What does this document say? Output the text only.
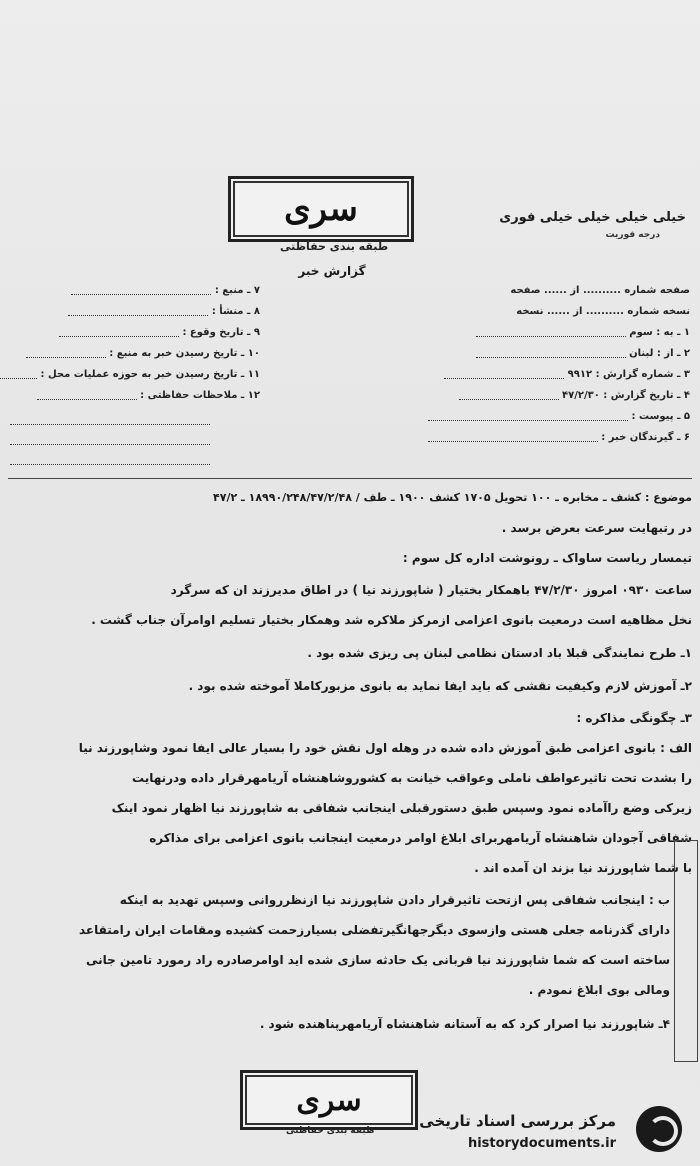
سری
طبقه بندی حفاظتی
خیلی خیلی خیلی خیلی فوری
درجه فوریت
گزارش خبر
۷ ـ منبع :
۸ ـ منشأ :
۹ ـ تاریخ وقوع :
۱۰ ـ تاریخ رسیدن خبر به منبع :
۱۱ ـ تاریخ رسیدن خبر به حوزه عملیات محل :
۱۲ ـ ملاحظات حفاظتی :
صفحه شماره .......... از ...... صفحه
نسخه شماره .......... از ...... نسخه
۱ ـ به : سوم
۲ ـ از : لبنان
۳ ـ شماره گزارش : ۹۹۱۲
۴ ـ تاریخ گزارش : ۴۷/۲/۳۰
۵ ـ پیوست :
۶ ـ گیرندگان خبر :
موضوع : کشف ـ مخابره ـ ۱۰۰ تحویل ۱۷۰۵ کشف ۱۹۰۰ ـ طف / ۱۸۹۹۰/۲۴۸/۴۷/۲/۴۸ ـ ۴۷/۲
در رتبهایت سرعت بعرض برسد .
تیمسار ریاست ساواک ـ رونوشت اداره کل سوم :
ساعت ۰۹۳۰ امروز ۴۷/۲/۳۰ باهمکار بختیار ( شاپورزند نیا ) در اطاق مدیرزند ان که سرگرد
نخل مظاهیه است درمعیت بانوی اعزامی ازمرکز ملاکره شد وهمکار بختیار تسلیم اوامرآن جناب گشت .
۱ـ طرح نمایندگی قبلا باد ادستان نظامی لبنان پی ریزی شده بود .
۲ـ آموزش لازم وکیفیت نقشی که باید ایفا نماید به بانوی مزبورکاملا آموخته شده بود .
۳ـ چگونگی مذاکره :
الف : بانوی اعزامی طبق آموزش داده شده در وهله اول نقش خود را بسیار عالی ایفا نمود وشاپورزند نیا
را بشدت تحت تاثیرعواطف ناملی وعواقب خیانت به کشوروشاهنشاه آریامهرقرار داده ودرنهایت
زیرکی وضع راآماده نمود وسپس طبق دستورقبلی اینجانب شفاقی به شاپورزند نیا اظهار نمود اینک
شفاقی آجودان شاهنشاه آریامهربرای ابلاغ اوامر درمعیت اینجانب بانوی اعزامی برای مذاکره
با شما شاپورزند نیا بزند ان آمده اند .
ب : اینجانب شفاقی پس ازتحت تاثیرقرار دادن شاپورزند نیا ازنظرروانی وسپس تهدید به اینکه
دارای گذرنامه جعلی هستی وازسوی دیگرجهانگیرتفضلی بسیارزحمت کشیده ومقامات ایران رامتقاعد
ساخته است که شما شاپورزند نیا قربانی یک حادثه سازی شده اید اوامرصادره راد رمورد تامین جانی
ومالی بوی ابلاغ نمودم .
۴ـ شاپورزند نیا اصرار کرد که به آستانه شاهنشاه آریامهرپناهنده شود .
سری
طبقه بندی حفاظتی
مرکز بررسی اسناد تاریخی
historydocuments.ir
